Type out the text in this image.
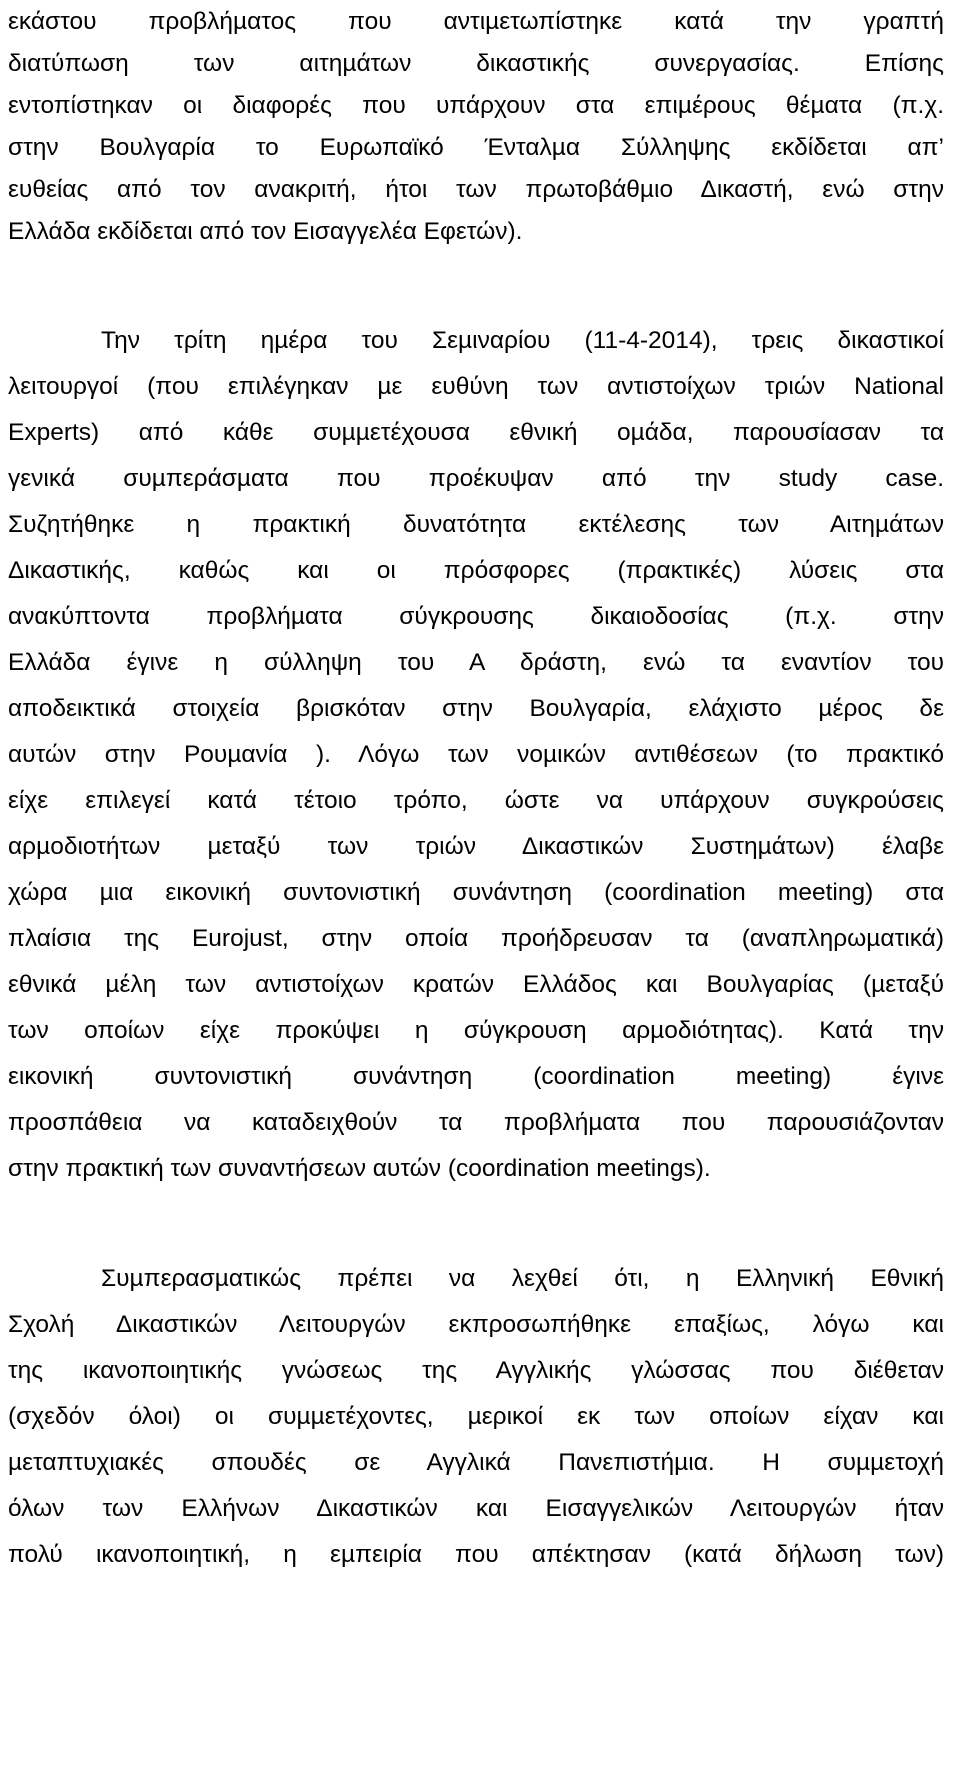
εκάστου προβλήµατος που αντιµετωπίστηκε κατά την γραπτή
διατύπωση των αιτηµάτων δικαστικής συνεργασίας. Επίσης
εντοπίστηκαν οι διαφορές που υπάρχουν στα επιµέρους θέµατα (π.χ.
στην Βουλγαρία το Ευρωπαϊκό Ένταλµα Σύλληψης εκδίδεται απ’
ευθείας από τον ανακριτή, ήτοι των πρωτοβάθµιο Δικαστή, ενώ στην
Ελλάδα εκδίδεται από τον Εισαγγελέα Εφετών).
Την τρίτη ηµέρα του Σεµιναρίου (11-4-2014), τρεις δικαστικοί
λειτουργοί (που επιλέγηκαν µε ευθύνη των αντιστοίχων τριών National
Experts) από κάθε συµµετέχουσα εθνική οµάδα, παρουσίασαν τα
γενικά συµπεράσµατα που προέκυψαν από την study case.
Συζητήθηκε η πρακτική δυνατότητα εκτέλεσης των Αιτηµάτων
Δικαστικής, καθώς και οι πρόσφορες (πρακτικές) λύσεις στα
ανακύπτοντα προβλήµατα σύγκρουσης δικαιοδοσίας (π.χ. στην
Ελλάδα έγινε η σύλληψη του Α δράστη, ενώ τα εναντίον του
αποδεικτικά στοιχεία βρισκόταν στην Βουλγαρία, ελάχιστο µέρος δε
αυτών στην Ρουµανία ). Λόγω των νοµικών αντιθέσεων (το πρακτικό
είχε επιλεγεί κατά τέτοιο τρόπο, ώστε να υπάρχουν συγκρούσεις
αρµοδιοτήτων µεταξύ των τριών Δικαστικών Συστηµάτων) έλαβε
χώρα µια εικονική συντονιστική συνάντηση (coordination meeting) στα
πλαίσια της Eurojust, στην οποία προήδρευσαν τα (αναπληρωµατικά)
εθνικά µέλη των αντιστοίχων κρατών Ελλάδος και Βουλγαρίας (µεταξύ
των οποίων είχε προκύψει η σύγκρουση αρµοδιότητας). Κατά την
εικονική συντονιστική συνάντηση (coordination meeting) έγινε
προσπάθεια να καταδειχθούν τα προβλήµατα που παρουσιάζονταν
στην πρακτική των συναντήσεων αυτών (coordination meetings).
Συµπερασµατικώς πρέπει να λεχθεί ότι, η Ελληνική Εθνική
Σχολή Δικαστικών Λειτουργών εκπροσωπήθηκε επαξίως, λόγω και
της ικανοποιητικής γνώσεως της Αγγλικής γλώσσας που διέθεταν
(σχεδόν όλοι) οι συµµετέχοντες, µερικοί εκ των οποίων είχαν και
µεταπτυχιακές σπουδές σε Αγγλικά Πανεπιστήµια. Η συµµετοχή
όλων των Ελλήνων Δικαστικών και Εισαγγελικών Λειτουργών ήταν
πολύ ικανοποιητική, η εµπειρία που απέκτησαν (κατά δήλωση των)
